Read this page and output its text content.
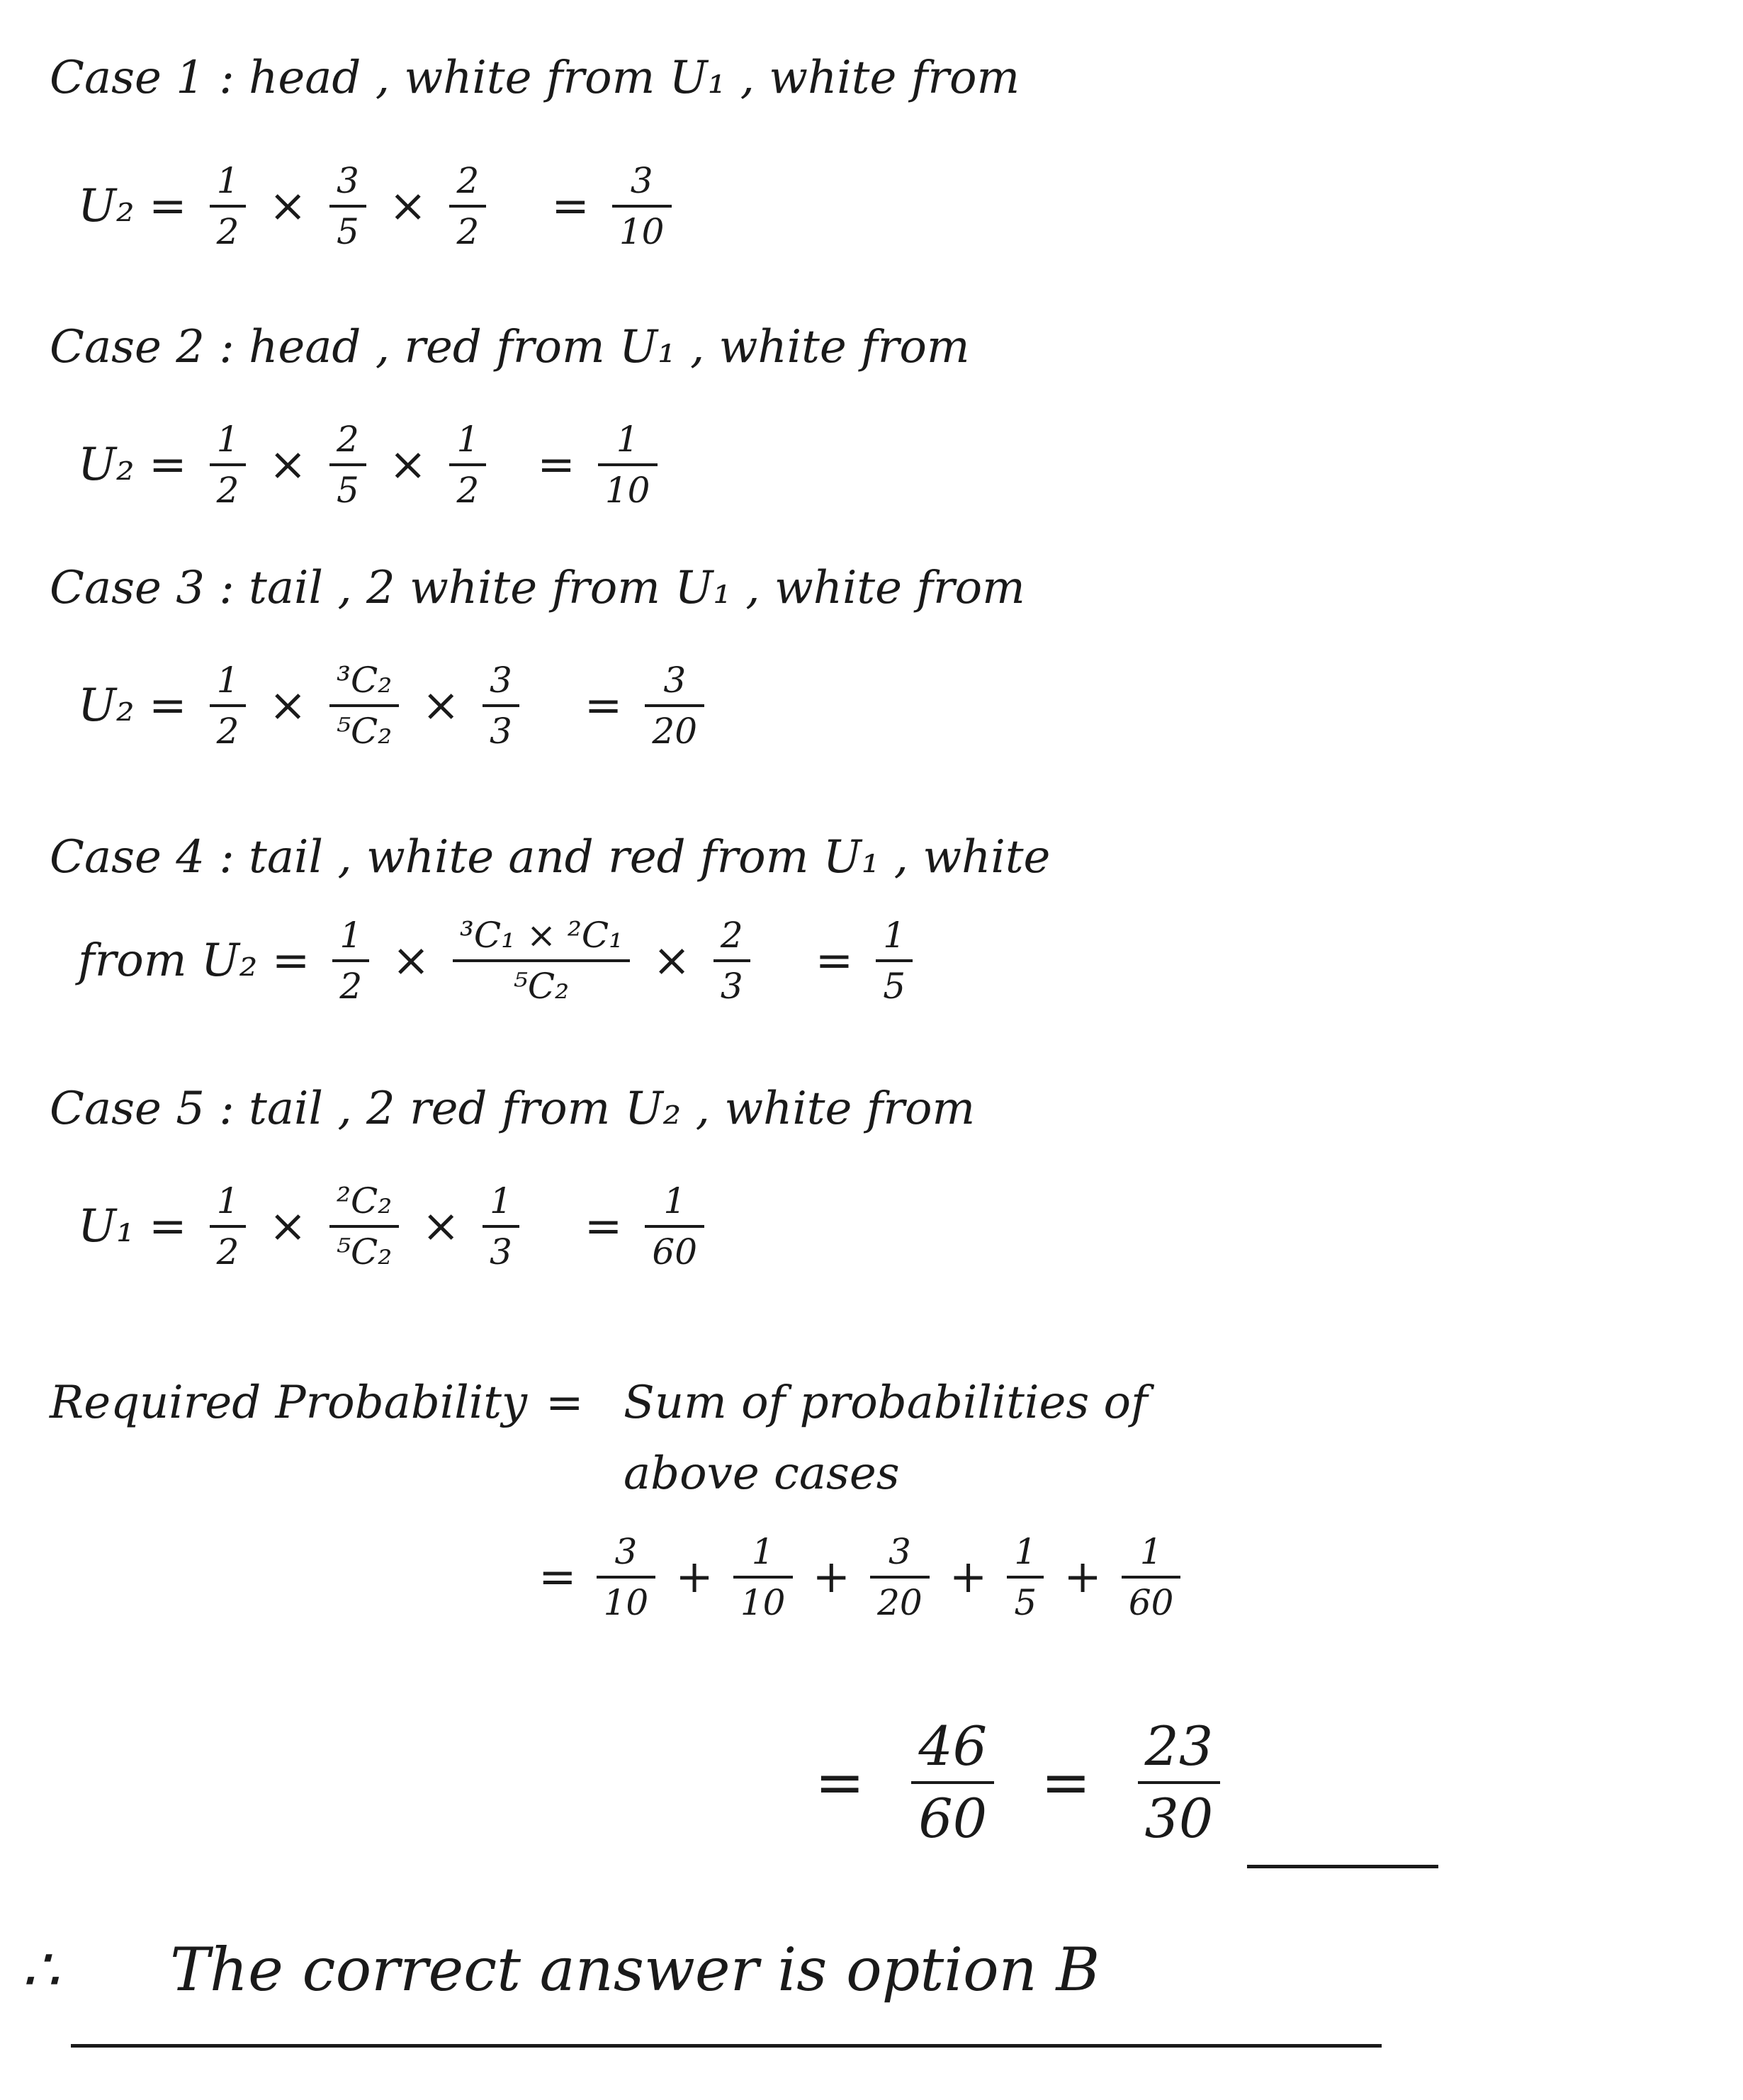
Case 1 : head , white from U₁ , white from
$U_2 = \frac{1}{2} \times \frac{3}{5} \times \frac{2}{2} = \frac{3}{10}$
Case 2 : head , red from U₁ , white from
$U_2 = \frac{1}{2} \times \frac{2}{5} \times \frac{1}{2} = \frac{1}{10}$
Case 3 : tail , 2 white from U₁ , white from
$U_2 = \frac{1}{2} \times \frac{\text{³C₂}}{\text{⁵C₂}} \times \frac{3}{3} = \frac{3}{20}$
Case 4 : tail , white and red from U₁ , white
from $U_2 = \frac{1}{2} \times \frac{\text{³C₁ × ²C₁}}{\text{⁵C₂}} \times \frac{2}{3} = \frac{1}{5}$
Case 5 : tail , 2 red from U₂ , white from
$U_1 = \frac{1}{2} \times \frac{\text{²C₂}}{\text{⁵C₂}} \times \frac{1}{3} = \frac{1}{60}$
Required Probability = Sum of probabilities of
above cases
= $\frac{3}{10} + \frac{1}{10} + \frac{3}{20} + \frac{1}{5} + \frac{1}{60}$
= $\frac{46}{60} = \frac{23}{30}$
∴ The correct answer is option B
